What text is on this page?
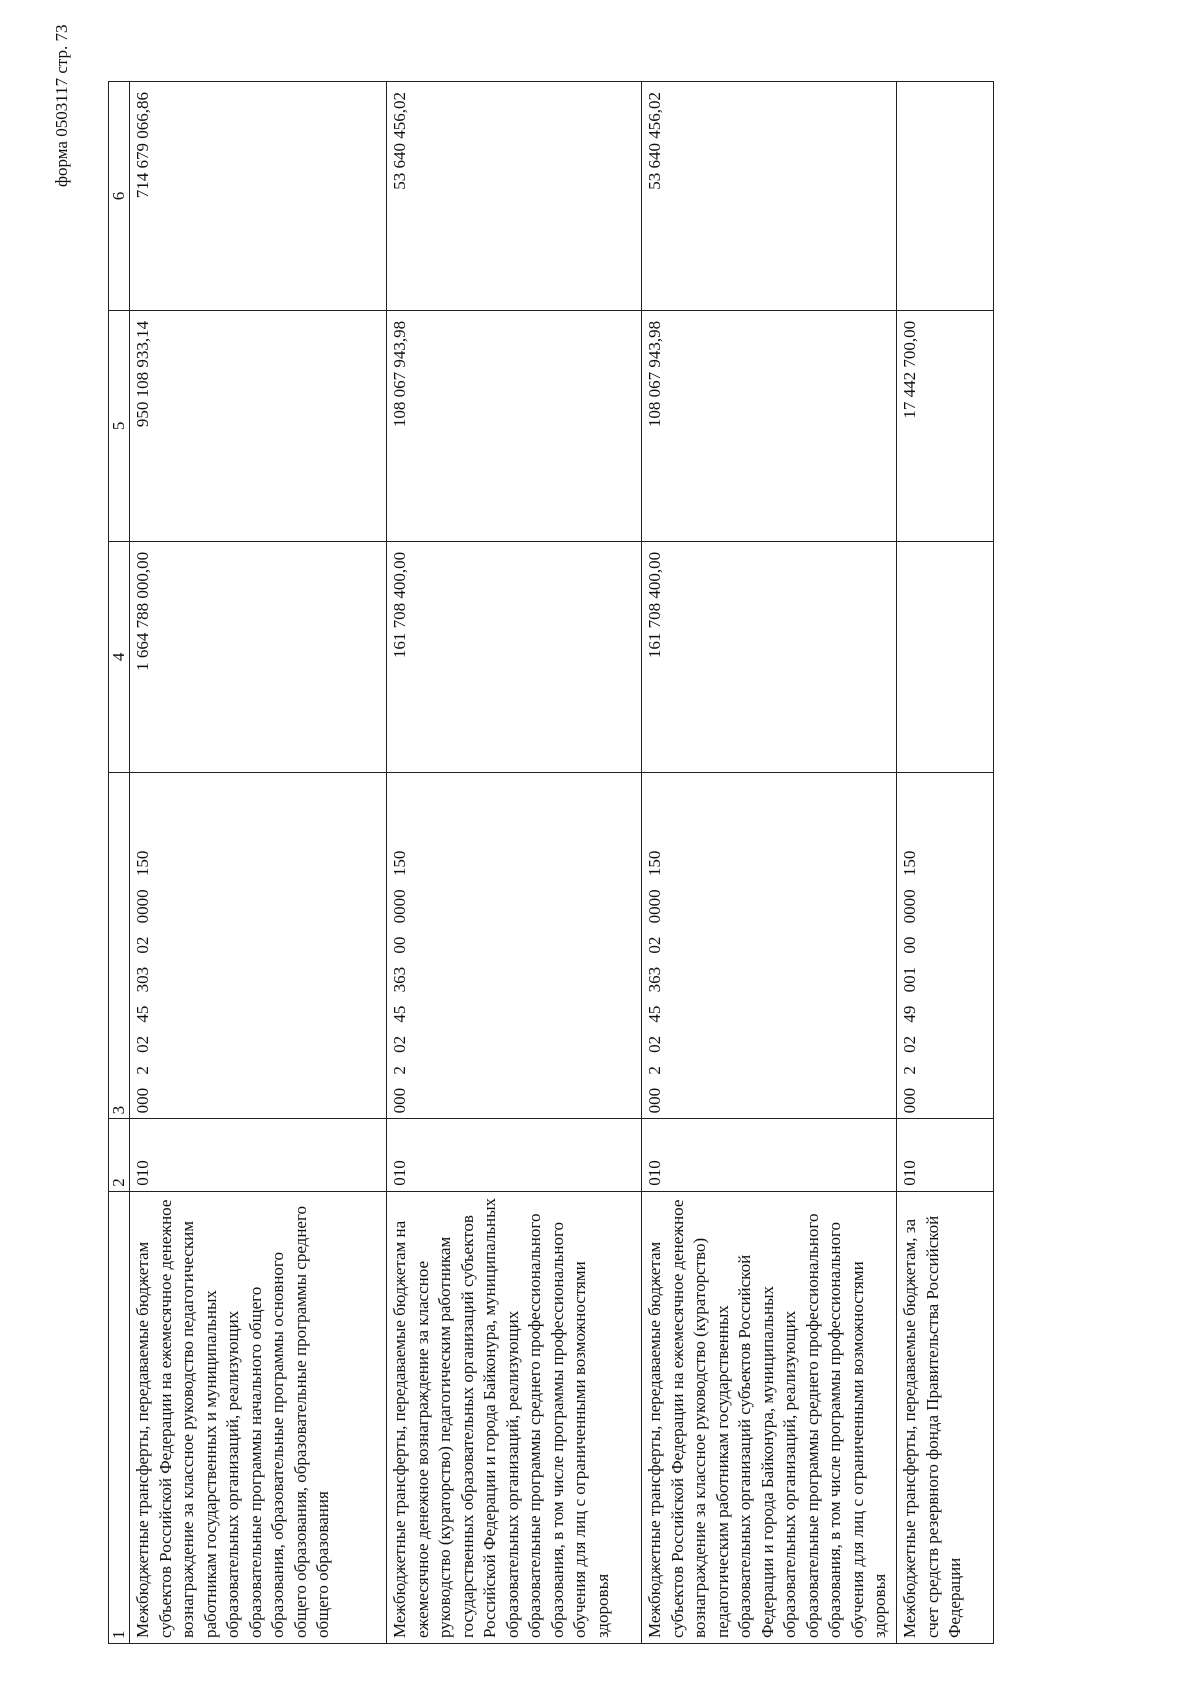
форма 0503117 стр. 73
1	2	3	4	5	6
Межбюджетные трансферты, передаваемые бюджетам субъектов Российской Федерации на ежемесячное денежное вознаграждение за классное руководство педагогическим работникам государственных и муниципальных образовательных организаций, реализующих образовательные программы начального общего образования, образовательные программы основного общего образования, образовательные программы среднего общего образования	010	000 2 02 45 303 02 0000 150	1 664 788 000,00	950 108 933,14	714 679 066,86
Межбюджетные трансферты, передаваемые бюджетам на ежемесячное денежное вознаграждение за классное руководство (кураторство) педагогическим работникам государственных образовательных организаций субъектов Российской Федерации и города Байконура, муниципальных образовательных организаций, реализующих образовательные программы среднего профессионального образования, в том числе программы профессионального обучения для лиц с ограниченными возможностями здоровья	010	000 2 02 45 363 00 0000 150	161 708 400,00	108 067 943,98	53 640 456,02
Межбюджетные трансферты, передаваемые бюджетам субъектов Российской Федерации на ежемесячное денежное вознаграждение за классное руководство (кураторство) педагогическим работникам государственных образовательных организаций субъектов Российской Федерации и города Байконура, муниципальных образовательных организаций, реализующих образовательные программы среднего профессионального образования, в том числе программы профессионального обучения для лиц с ограниченными возможностями здоровья	010	000 2 02 45 363 02 0000 150	161 708 400,00	108 067 943,98	53 640 456,02
Межбюджетные трансферты, передаваемые бюджетам, за счет средств резервного фонда Правительства Российской Федерации	010	000 2 02 49 001 00 0000 150		17 442 700,00	
